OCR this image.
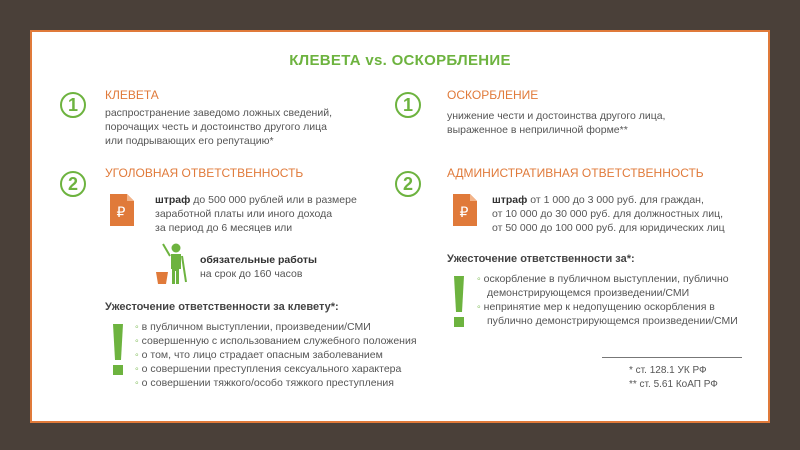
КЛЕВЕТА vs. ОСКОРБЛЕНИЕ
1	КЛЕВЕТА
распространение заведомо ложных сведений,
порочащих честь и достоинство другого лица
или подрывающих его репутацию*
2
УГОЛОВНАЯ ОТВЕТСТВЕННОСТЬ
₽
штраф до 500 000 рублей или в размере
заработной платы или иного дохода
за период до 6 месяцев или
обязательные работы
на срок до 160 часов
Ужесточение ответственности за клевету*:
◦ в публичном выступлении, произведении/СМИ
◦ совершенную с использованием служебного положения
◦ о том, что лицо страдает опасным заболеванием
◦ о совершении преступления сексуального характера
◦ о совершении тяжкого/особо тяжкого преступления
1	ОСКОРБЛЕНИЕ
унижение чести и достоинства другого лица,
выраженное в неприличной форме**
2
АДМИНИСТРАТИВНАЯ ОТВЕТСТВЕННОСТЬ
₽
штраф от 1 000 до 3 000 руб. для граждан,
от 10 000 до 30 000 руб. для должностных лиц,
от 50 000 до 100 000 руб. для юридических лиц
Ужесточение ответственности за*:
◦ оскорбление в публичном выступлении, публично
демонстрирующемся произведении/СМИ
◦ непринятие мер к недопущению оскорбления в
публично демонстрирующемся произведении/СМИ
* ст. 128.1 УК РФ
** ст. 5.61 КоАП РФ
